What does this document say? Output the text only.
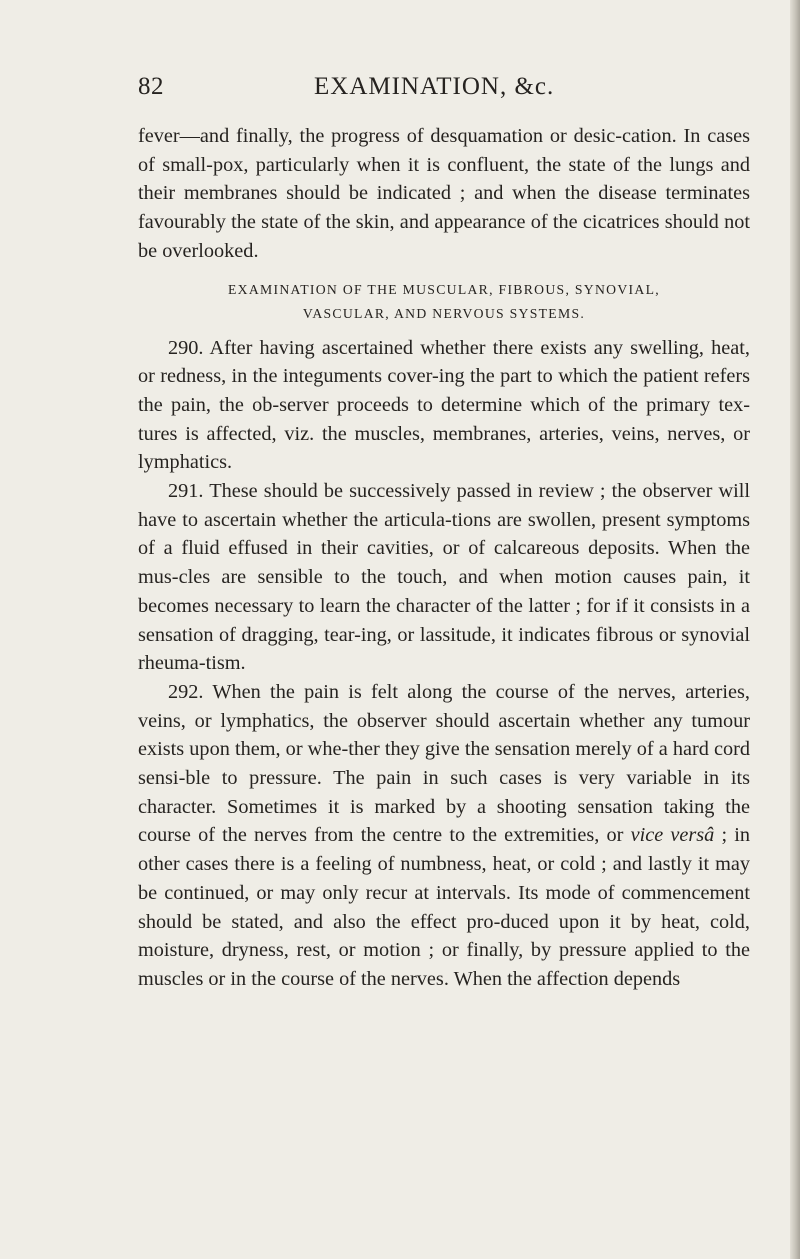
82	EXAMINATION, &c.

fever—and finally, the progress of desquamation or desic-cation. In cases of small-pox, particularly when it is confluent, the state of the lungs and their membranes should be indicated ; and when the disease terminates favourably the state of the skin, and appearance of the cicatrices should not be overlooked.

EXAMINATION OF THE MUSCULAR, FIBROUS, SYNOVIAL,
VASCULAR, AND NERVOUS SYSTEMS.

290. After having ascertained whether there exists any swelling, heat, or redness, in the integuments cover-ing the part to which the patient refers the pain, the ob-server proceeds to determine which of the primary tex-tures is affected, viz. the muscles, membranes, arteries, veins, nerves, or lymphatics.

291. These should be successively passed in review ; the observer will have to ascertain whether the articula-tions are swollen, present symptoms of a fluid effused in their cavities, or of calcareous deposits. When the mus-cles are sensible to the touch, and when motion causes pain, it becomes necessary to learn the character of the latter ; for if it consists in a sensation of dragging, tear-ing, or lassitude, it indicates fibrous or synovial rheuma-tism.

292. When the pain is felt along the course of the nerves, arteries, veins, or lymphatics, the observer should ascertain whether any tumour exists upon them, or whe-ther they give the sensation merely of a hard cord sensi-ble to pressure. The pain in such cases is very variable in its character. Sometimes it is marked by a shooting sensation taking the course of the nerves from the centre to the extremities, or vice versâ ; in other cases there is a feeling of numbness, heat, or cold ; and lastly it may be continued, or may only recur at intervals. Its mode of commencement should be stated, and also the effect pro-duced upon it by heat, cold, moisture, dryness, rest, or motion ; or finally, by pressure applied to the muscles or in the course of the nerves. When the affection depends
